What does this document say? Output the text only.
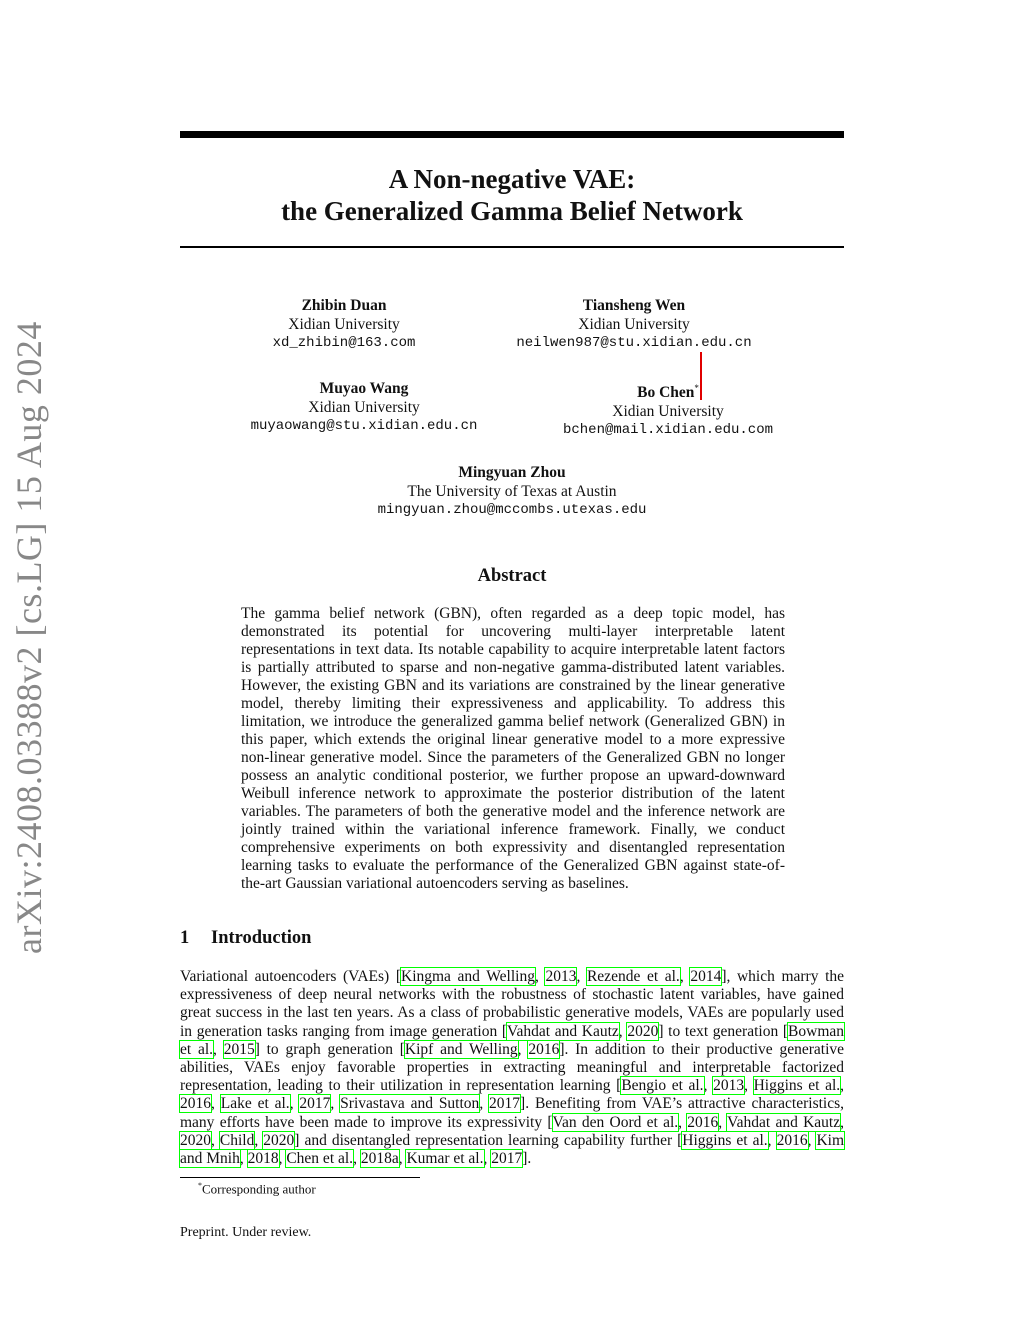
arXiv:2408.03388v2 [cs.LG] 15 Aug 2024
A Non-negative VAE:
the Generalized Gamma Belief Network
Zhibin Duan
Xidian University
xd_zhibin@163.com
Tiansheng Wen
Xidian University
neilwen987@stu.xidian.edu.cn
Muyao Wang
Xidian University
muyaowang@stu.xidian.edu.cn
Bo Chen*
Xidian University
bchen@mail.xidian.edu.com
Mingyuan Zhou
The University of Texas at Austin
mingyuan.zhou@mccombs.utexas.edu
Abstract

The gamma belief network (GBN), often regarded as a deep topic model, has demonstrated its potential for uncovering multi-layer interpretable latent representations in text data. Its notable capability to acquire interpretable latent factors is partially attributed to sparse and non-negative gamma-distributed latent variables. However, the existing GBN and its variations are constrained by the linear generative model, thereby limiting their expressiveness and applicability. To address this limitation, we introduce the generalized gamma belief network (Generalized GBN) in this paper, which extends the original linear generative model to a more expressive non-linear generative model. Since the parameters of the Generalized GBN no longer possess an analytic conditional posterior, we further propose an upward-downward Weibull inference network to approximate the posterior distribution of the latent variables. The parameters of both the generative model and the inference network are jointly trained within the variational inference framework. Finally, we conduct comprehensive experiments on both expressivity and disentangled representation learning tasks to evaluate the performance of the Generalized GBN against state-of-the-art Gaussian variational autoencoders serving as baselines.

1 Introduction

Variational autoencoders (VAEs) [Kingma and Welling, 2013, Rezende et al., 2014], which marry the expressiveness of deep neural networks with the robustness of stochastic latent variables, have gained great success in the last ten years. As a class of probabilistic generative models, VAEs are popularly used in generation tasks ranging from image generation [Vahdat and Kautz, 2020] to text generation [Bowman et al., 2015] to graph generation [Kipf and Welling, 2016]. In addition to their productive generative abilities, VAEs enjoy favorable properties in extracting meaningful and interpretable factorized representation, leading to their utilization in representation learning [Bengio et al., 2013, Higgins et al., 2016, Lake et al., 2017, Srivastava and Sutton, 2017]. Benefiting from VAE’s attractive characteristics, many efforts have been made to improve its expressivity [Van den Oord et al., 2016, Vahdat and Kautz, 2020, Child, 2020] and disentangled representation learning capability further [Higgins et al., 2016, Kim and Mnih, 2018, Chen et al., 2018a, Kumar et al., 2017].

*Corresponding author
Preprint. Under review.
